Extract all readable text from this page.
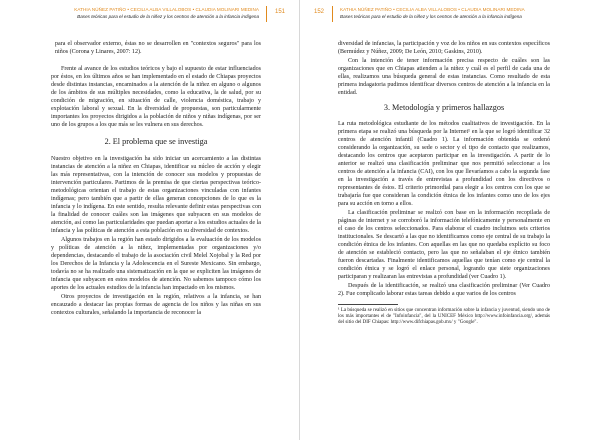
KATHIA NÚÑEZ PATIÑO • CECILIA ALBA VILLALOBOS • CLAUDIA MOLINARI MEDINA
Bases teóricas para el estudio de la niñez y los centros de atención a la infancia indígena
151

para el observador externo, éstas no se desarrollen en "contextos seguros" para los niños (Corona y Linares, 2007: 12).

Frente al avance de los estudios teóricos y bajo el supuesto de estar influenciados por éstos, en los últimos años se han implementado en el estado de Chiapas proyectos desde distintas instancias, encaminados a la atención de la niñez en alguno o algunos de los ámbitos de sus múltiples necesidades, como la educativa, la de salud, por su condición de migración, en situación de calle, violencia doméstica, trabajo y explotación laboral y sexual. En la diversidad de propuestas, son particularmente importantes los proyectos dirigidos a la población de niños y niñas indígenas, por ser uno de los grupos a los que más se les vulnera en sus derechos.

2. El problema que se investiga

Nuestro objetivo en la investigación ha sido iniciar un acercamiento a las distintas instancias de atención a la niñez en Chiapas, identificar su núcleo de acción y elegir las más representativas, con la intención de conocer sus modelos y propuestas de intervención particulares. Partimos de la premisa de que ciertas perspectivas teórico-metodológicas orientan el trabajo de estas organizaciones vinculadas con infantes indígenas; pero también que a partir de ellas generan concepciones de lo que es la infancia y lo indígena. En este sentido, resulta relevante definir estas perspectivas con la finalidad de conocer cuáles son las imágenes que subyacen en sus modelos de atención, así como las particularidades que puedan aportar a los estudios actuales de la infancia y las políticas de atención a esta población en su diversidad de contextos.

Algunos trabajos en la región han estado dirigidos a la evaluación de los modelos y políticas de atención a la niñez, implementadas por organizaciones y/o dependencias, destacando el trabajo de la asociación civil Melel Xojobal y la Red por los Derechos de la Infancia y la Adolescencia en el Sureste Mexicano. Sin embargo, todavía no se ha realizado una sistematización en la que se expliciten las imágenes de infancia que subyacen en estos modelos de atención. No sabemos tampoco cómo los aportes de los actuales estudios de la infancia han impactado en los mismos.

Otros proyectos de investigación en la región, relativos a la infancia, se han encauzado a destacar las propias formas de agencia de los niños y las niñas en sus contextos culturales, señalando la importancia de reconocer la

KATHIA NÚÑEZ PATIÑO • CECILIA ALBA VILLALOBOS • CLAUDIA MOLINARI MEDINA
Bases teóricas para el estudio de la niñez y los centros de atención a la infancia indígena
152

diversidad de infancias, la participación y voz de los niños en sus contextos específicos (Bermúdez y Núñez, 2009; De León, 2010; Gaskins, 2010).

Con la intención de tener información precisa respecto de cuáles son las organizaciones que en Chiapas atienden a la niñez y cuál es el perfil de cada una de ellas, realizamos una búsqueda general de estas instancias. Como resultado de esta primera indagatoria pudimos identificar diversos centros de atención a la infancia en la entidad.

3. Metodología y primeros hallazgos

La ruta metodológica estudiante de los métodos cualitativos de investigación. En la primera etapa se realizó una búsqueda por la Internet¹ en la que se logró identificar 32 centros de atención infantil (Cuadro 1). La información obtenida se ordenó considerando la organización, su sede o sector y el tipo de contacto que realizamos, destacando los centros que aceptaron participar en la investigación. A partir de lo anterior se realizó una clasificación preliminar que nos permitió seleccionar a los centros de atención a la infancia (CAI), con los que llevaríamos a cabo la segunda fase en la investigación a través de entrevistas a profundidad con los directivos o representantes de éstos. El criterio primordial para elegir a los centros con los que se trabajaría fue que consideran la condición étnica de los infantes como uno de los ejes para su acción en torno a ellos.

La clasificación preliminar se realizó con base en la información recopilada de páginas de internet y se corroboró la información telefónicamente y personalmente en el caso de los centros seleccionados. Para elaborar el cuadro incluimos seis criterios institucionales. Se descartó a las que no identificamos como eje central de su trabajo la condición étnica de los infantes. Con aquellas en las que no quedaba explícito su foco de atención se estableció contacto, pero las que no señalaban el eje étnico también fueron descartadas. Finalmente identificamos aquellas que tenían como eje central la condición étnica y se logró el enlace personal, logrando que siete organizaciones participaran y realizaran las entrevistas a profundidad (ver Cuadro 1).

Después de la identificación, se realizó una clasificación preliminar (Ver Cuadro 2). Fue complicado laborar estas tareas debido a que varios de los centros

¹ La búsqueda se realizó en sitios que concentran información sobre la infancia y juventud, siendo uno de los más importantes el de "Infoinfancia", del la UNICEF México http://www.infoinfancia.org/, además del sitio del DIF Chiapas: http://www.difchiapas.gob.mx/ y "Google".
